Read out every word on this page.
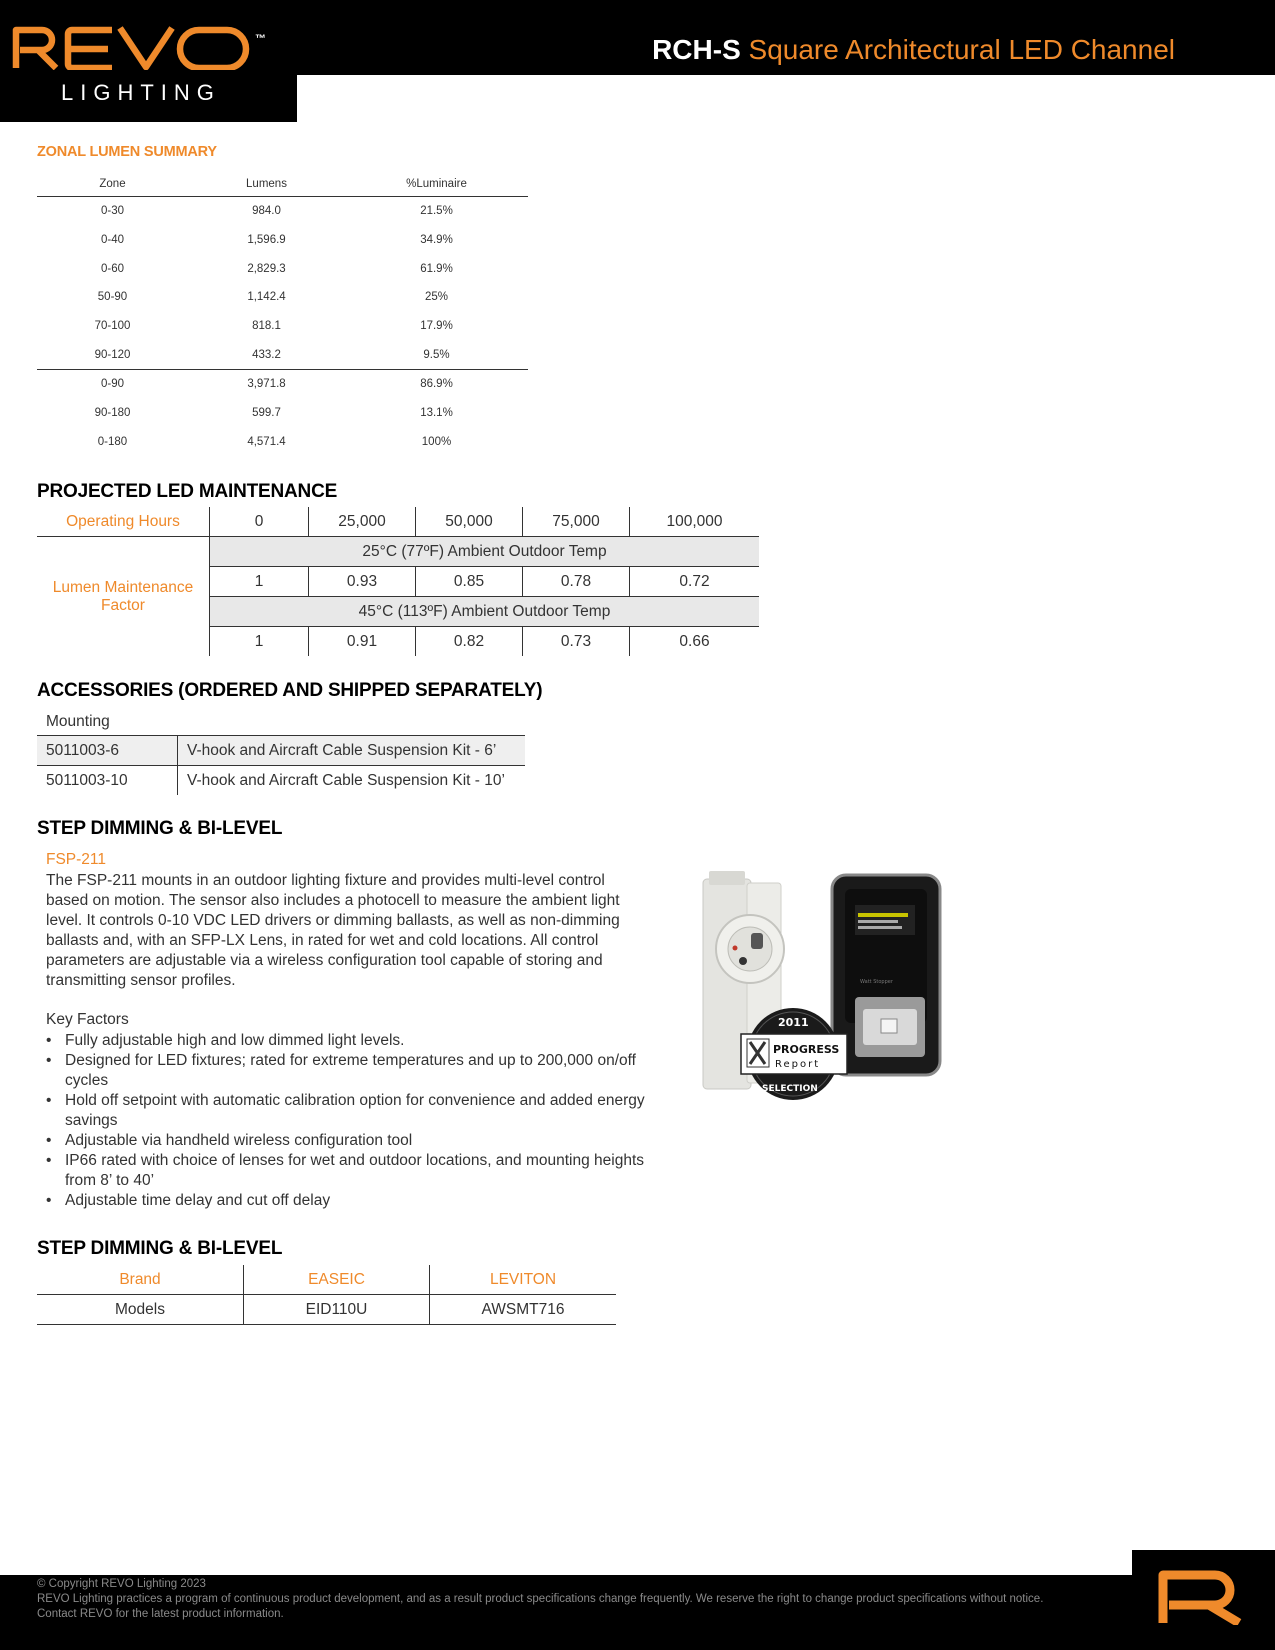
™
LIGHTING
RCH-S Square Architectural LED Channel
ZONAL LUMEN SUMMARY
Zone	Lumens	%Luminaire
0-30	984.0	21.5%
0-40	1,596.9	34.9%
0-60	2,829.3	61.9%
50-90	1,142.4	25%
70-100	818.1	17.9%
90-120	433.2	9.5%
0-90	3,971.8	86.9%
90-180	599.7	13.1%
0-180	4,571.4	100%
PROJECTED LED MAINTENANCE
Operating Hours	0	25,000	50,000	75,000	100,000
Lumen Maintenance Factor	25°C (77ºF) Ambient Outdoor Temp				
	1	0.93	0.85	0.78	0.72
	45°C (113ºF) Ambient Outdoor Temp				
	1	0.91	0.82	0.73	0.66
ACCESSORIES (ORDERED AND SHIPPED SEPARATELY)
Mounting
5011003-6	V-hook and Aircraft Cable Suspension Kit - 6’
5011003-10	V-hook and Aircraft Cable Suspension Kit - 10’
STEP DIMMING & BI-LEVEL
FSP-211
The FSP-211 mounts in an outdoor lighting fixture and provides multi-level control based on motion. The sensor also includes a photocell to measure the ambient light level. It controls 0-10 VDC LED drivers or dimming ballasts, as well as non-dimming ballasts and, with an SFP-LX Lens, in rated for wet and cold locations. All control parameters are adjustable via a wireless configuration tool capable of storing and transmitting sensor profiles.
Key Factors
• Fully adjustable high and low dimmed light levels.
• Designed for LED fixtures; rated for extreme temperatures and up to 200,000 on/off cycles
• Hold off setpoint with automatic calibration option for convenience and added energy savings
• Adjustable via handheld wireless configuration tool
• IP66 rated with choice of lenses for wet and outdoor locations, and mounting heights from 8’ to 40’
• Adjustable time delay and cut off delay
Watt Stopper
PROGRESS
Report
2011
SELECTION
STEP DIMMING & BI-LEVEL
Brand	EASEIC	LEVITON
Models	EID110U	AWSMT716
© Copyright REVO Lighting 2023
REVO Lighting practices a program of continuous product development, and as a result product specifications change frequently. We reserve the right to change product specifications without notice. Contact REVO for the latest product information.
